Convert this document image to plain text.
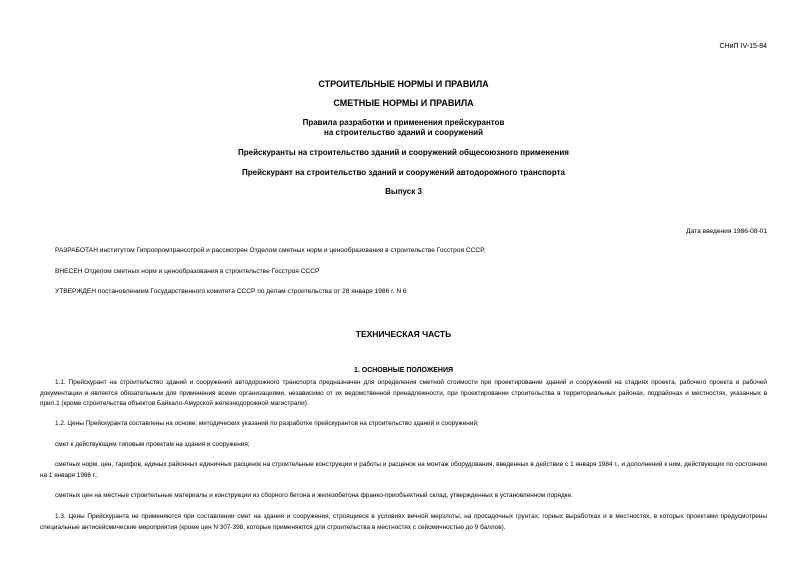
СНиП IV-15-84
СТРОИТЕЛЬНЫЕ НОРМЫ И ПРАВИЛА
СМЕТНЫЕ НОРМЫ И ПРАВИЛА
Правила разработки и применения прейскурантов
на строительство зданий и сооружений
Прейскуранты на строительство зданий и сооружений общесоюзного применения
Прейскурант на строительство зданий и сооружений автодорожного транспорта
Выпуск 3
Дата введения 1986-08-01
РАЗРАБОТАН институтом Гипропромтрансстрой и рассмотрен Отделом сметных норм и ценообразования в строительстве Госстроя СССР.
ВНЕСЕН Отделом сметных норм и ценообразования в строительстве Госстроя СССР
УТВЕРЖДЕН постановлением Государственного комитета СССР по делам строительства от 28 января 1986 г. N 6
ТЕХНИЧЕСКАЯ ЧАСТЬ
1. ОСНОВНЫЕ ПОЛОЖЕНИЯ
1.1. Прейскурант на строительство зданий и сооружений автодорожного транспорта предназначен для определения сметной стоимости при проектировании зданий и сооружений на стадиях проекта, рабочего проекта и рабочей документации и является обязательным для применения всеми организациями, независимо от их ведомственной принадлежности, при проектировании строительства в территориальных районах, подрайонах и местностях, указанных в прил.1 (кроме строительства объектов Байкало-Амурской железнодорожной магистрали).
1.2. Цены Прейскуранта составлены на основе: методических указаний по разработке прейскурантов на строительство зданий и сооружений;
смет к действующим типовым проектам на здания и сооружения;
сметных норм, цен, тарифов, единых районных единичных расценок на строительные конструкции и работы и расценок на монтаж оборудования, введенных в действие с 1 января 1984 г., и дополнений к ним, действующих по состоянию на 1 января 1986 г.;
сметных цен на местные строительные материалы и конструкции из сборного бетона и железобетона франко-приобъектный склад, утвержденных в установленном порядке.
1.3. Цены Прейскуранта не применяются при составлении смет на здания и сооружения, строящиеся в условиях вечной мерзлоты, на просадочных грунтах, горных выработках и в местностях, в которых проектами предусмотрены специальные антисейсмические мероприятия (кроме цен N 307-398, которые применяются для строительства в местностях с сейсмичностью до 9 баллов).
